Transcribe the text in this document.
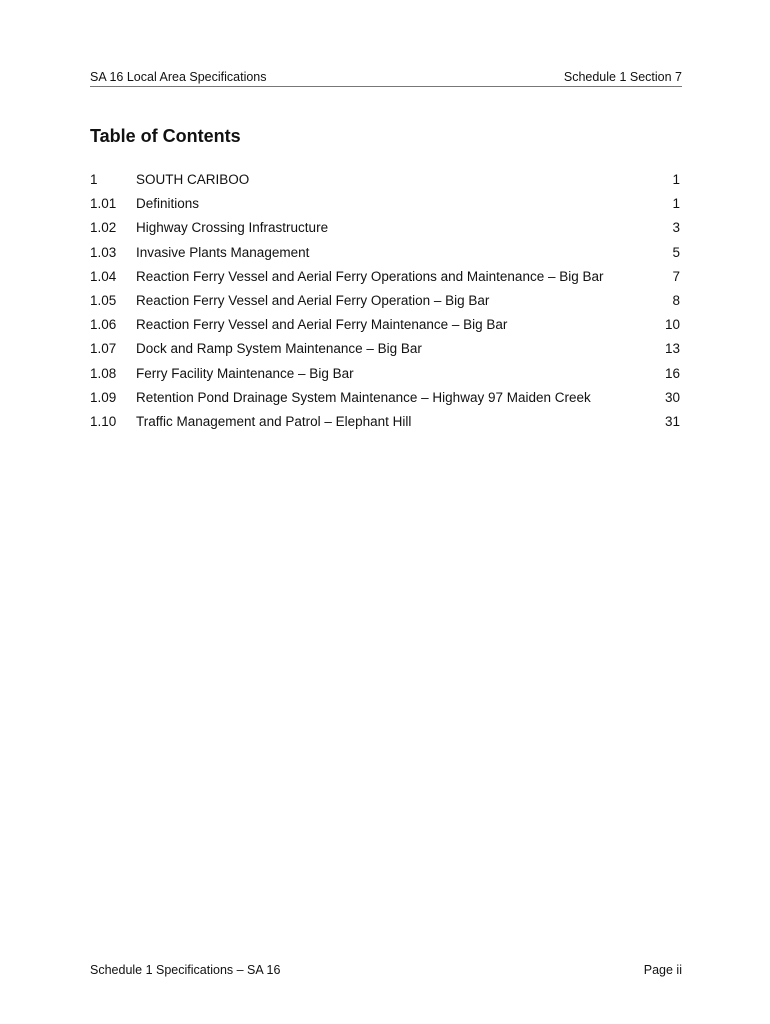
SA 16 Local Area Specifications	Schedule 1 Section 7
Table of Contents
1	SOUTH CARIBOO	1
1.01 Definitions	1
1.02 Highway Crossing Infrastructure	3
1.03 Invasive Plants Management	5
1.04 Reaction Ferry Vessel and Aerial Ferry Operations and Maintenance – Big Bar	7
1.05 Reaction Ferry Vessel and Aerial Ferry Operation – Big Bar	8
1.06 Reaction Ferry Vessel and Aerial Ferry Maintenance – Big Bar	10
1.07 Dock and Ramp System Maintenance – Big Bar	13
1.08 Ferry Facility Maintenance – Big Bar	16
1.09 Retention Pond Drainage System Maintenance – Highway 97 Maiden Creek	30
1.10 Traffic Management and Patrol – Elephant Hill	31
Schedule 1 Specifications – SA 16	Page ii
